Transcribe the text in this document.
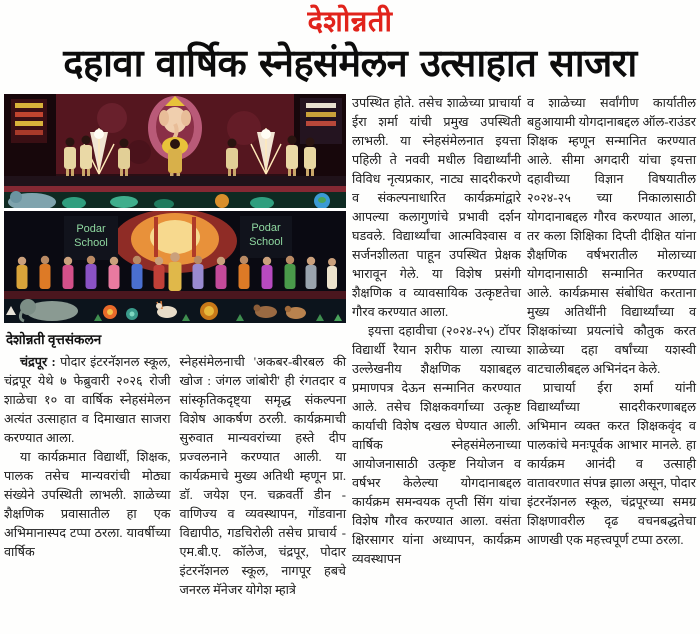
देशोन्नती
दहावा वार्षिक स्नेहसंमेलन उत्साहात साजरा
Podar
School
Podar
School
देशोन्नती वृत्तसंकलन

चंद्रपूर : पोदार इंटरनॅशनल स्कूल, चंद्रपूर येथे ७ फेब्रुवारी २०२६ रोजी शाळेचा १० वा वार्षिक स्नेहसंमेलन अत्यंत उत्साहात व दिमाखात साजरा करण्यात आला.

या कार्यक्रमात विद्यार्थी, शिक्षक, पालक तसेच मान्यवरांची मोठ्या संख्येने उपस्थिती लाभली. शाळेच्या शैक्षणिक प्रवासातील हा एक अभिमानास्पद टप्पा ठरला. यावर्षीच्या वार्षिक

स्नेहसंमेलनाची 'अकबर-बीरबल की खोज : जंगल जांबोरी' ही रंगतदार व सांस्कृतिकदृष्ट्या समृद्ध संकल्पना विशेष आकर्षण ठरली. कार्यक्रमाची सुरुवात मान्यवरांच्या हस्ते दीप प्रज्वलनाने करण्यात आली. या कार्यक्रमाचे मुख्य अतिथी म्हणून प्रा. डॉ. जयेश एन. चक्रवर्ती डीन - वाणिज्य व व्यवस्थापन, गोंडवाना विद्यापीठ, गडचिरोली तसेच प्राचार्य - एम.बी.ए. कॉलेज, चंद्रपूर, पोदार इंटरनॅशनल स्कूल, नागपूर हबचे जनरल मॅनेजर योगेश म्हात्रे

उपस्थित होते. तसेच शाळेच्या प्राचार्या ईरा शर्मा यांची प्रमुख उपस्थिती लाभली. या स्नेहसंमेलनात इयत्ता पहिली ते नववी मधील विद्यार्थ्यांनी विविध नृत्यप्रकार, नाट्य सादरीकरणे व संकल्पनाधारित कार्यक्रमांद्वारे आपल्या कलागुणांचे प्रभावी दर्शन घडवले. विद्यार्थ्यांचा आत्मविश्वास व सर्जनशीलता पाहून उपस्थित प्रेक्षक भारावून गेले. या विशेष प्रसंगी शैक्षणिक व व्यावसायिक उत्कृष्टतेचा गौरव करण्यात आला.

इयत्ता दहावीचा (२०२४-२५) टॉपर विद्यार्थी रैयान शरीफ याला त्याच्या उल्लेखनीय शैक्षणिक यशाबद्दल प्रमाणपत्र देऊन सन्मानित करण्यात आले. तसेच शिक्षकवर्गाच्या उत्कृष्ट कार्याची विशेष दखल घेण्यात आली. वार्षिक स्नेहसंमेलनाच्या आयोजनासाठी उत्कृष्ट नियोजन व वर्षभर केलेल्या योगदानाबद्दल कार्यक्रम समन्वयक तृप्ती सिंग यांचा विशेष गौरव करण्यात आला. वसंता क्षिरसागर यांना अध्यापन, कार्यक्रम व्यवस्थापन

व शाळेच्या सर्वांगीण कार्यातील बहुआयामी योगदानाबद्दल ऑल-राउंडर शिक्षक म्हणून सन्मानित करण्यात आले. सीमा अगदारी यांचा इयत्ता दहावीच्या विज्ञान विषयातील २०२४-२५ च्या निकालासाठी योगदानाबद्दल गौरव करण्यात आला, तर कला शिक्षिका दिप्ती दीक्षित यांना शैक्षणिक वर्षभरातील मोलाच्या योगदानासाठी सन्मानित करण्यात आले. कार्यक्रमास संबोधित करताना मुख्य अतिथींनी विद्यार्थ्यांच्या व शिक्षकांच्या प्रयत्नांचे कौतुक करत शाळेच्या दहा वर्षांच्या यशस्वी वाटचालीबद्दल अभिनंदन केले.

प्राचार्या ईरा शर्मा यांनी विद्यार्थ्यांच्या सादरीकरणाबद्दल अभिमान व्यक्त करत शिक्षकवृंद व पालकांचे मनःपूर्वक आभार मानले. हा कार्यक्रम आनंदी व उत्साही वातावरणात संपन्न झाला असून, पोदार इंटरनॅशनल स्कूल, चंद्रपूरच्या समग्र शिक्षणावरील दृढ वचनबद्धतेचा आणखी एक महत्त्वपूर्ण टप्पा ठरला.
